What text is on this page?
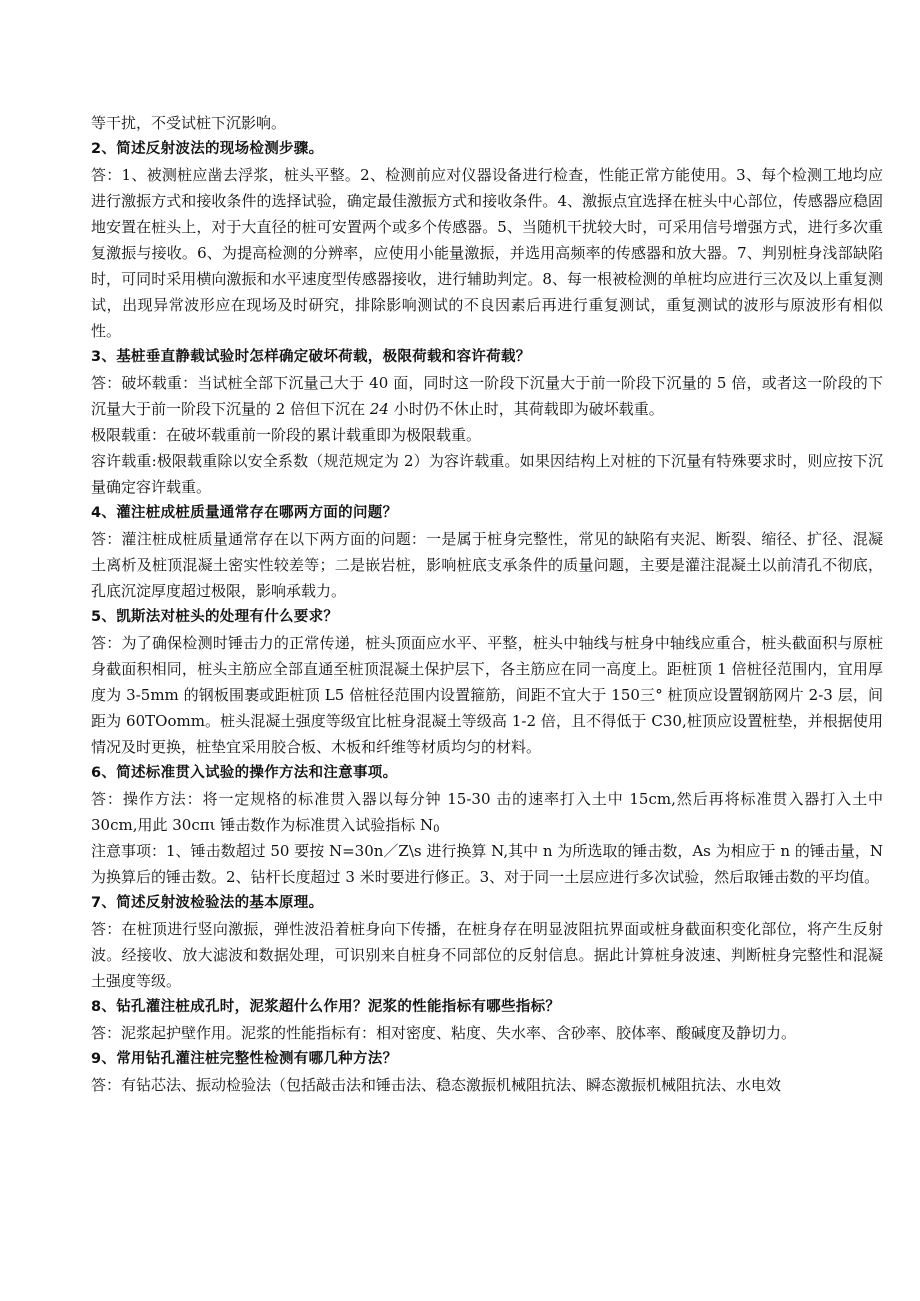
等干扰，不受试桩下沉影响。

2、简述反射波法的现场检测步骤。

答：1、被测桩应凿去浮浆，桩头平整。2、检测前应对仪器设备进行检查，性能正常方能使用。3、每个检测工地均应进行激振方式和接收条件的选择试验，确定最佳激振方式和接收条件。4、激振点宜选择在桩头中心部位，传感器应稳固地安置在桩头上，对于大直径的桩可安置两个或多个传感器。5、当随机干扰较大时，可采用信号增强方式，进行多次重复激振与接收。6、为提高检测的分辨率，应使用小能量激振，并选用高频率的传感器和放大器。7、判别桩身浅部缺陷时，可同时采用横向激振和水平速度型传感器接收，进行辅助判定。8、每一根被检测的单桩均应进行三次及以上重复测试，出现异常波形应在现场及时研究，排除影响测试的不良因素后再进行重复测试，重复测试的波形与原波形有相似性。

3、基桩垂直静载试验时怎样确定破坏荷载，极限荷载和容许荷载？

答：破坏载重：当试桩全部下沉量己大于 40 面，同时这一阶段下沉量大于前一阶段下沉量的 5 倍，或者这一阶段的下沉量大于前一阶段下沉量的 2 倍但下沉在 24 小时仍不休止时，其荷载即为破坏载重。

极限载重：在破坏载重前一阶段的累计载重即为极限载重。

容许载重:极限载重除以安全系数（规范规定为 2）为容许载重。如果因结构上对桩的下沉量有特殊要求时，则应按下沉量确定容许载重。

4、灌注桩成桩质量通常存在哪两方面的问题？

答：灌注桩成桩质量通常存在以下两方面的问题：一是属于桩身完整性，常见的缺陷有夹泥、断裂、缩径、扩径、混凝土离析及桩顶混凝土密实性较差等；二是嵌岩桩，影响桩底支承条件的质量问题，主要是灌注混凝土以前清孔不彻底，孔底沉淀厚度超过极限，影响承载力。

5、凯斯法对桩头的处理有什么要求？

答：为了确保检测时锤击力的正常传递，桩头顶面应水平、平整，桩头中轴线与桩身中轴线应重合，桩头截面积与原桩身截面积相同，桩头主筋应全部直通至桩顶混凝土保护层下，各主筋应在同一高度上。距桩顶 1 倍桩径范围内，宜用厚度为 3-5mm 的钢板围裹或距桩顶 L5 倍桩径范围内设置箍筋，间距不宜大于 150三° 桩顶应设置钢筋网片 2-3 层，间距为 60TOomm。桩头混凝土强度等级宜比桩身混凝土等级高 1-2 倍，且不得低于 C30,桩顶应设置桩垫，并根据使用情况及时更换，桩垫宜采用胶合板、木板和纤维等材质均匀的材料。

6、简述标准贯入试验的操作方法和注意事项。

答：操作方法：将一定规格的标准贯入器以每分钟 15-30 击的速率打入土中 15cm,然后再将标准贯入器打入土中 30cm,用此 30cπι 锤击数作为标准贯入试验指标 $N_0$

注意事项：1、锤击数超过 50 要按 N=30n／Z\s 进行换算 N,其中 n 为所选取的锤击数，As 为相应于 n 的锤击量，N 为换算后的锤击数。2、钻杆长度超过 3 米时要进行修正。3、对于同一土层应进行多次试验，然后取锤击数的平均值。

7、简述反射波检验法的基本原理。

答：在桩顶进行竖向激振，弹性波沿着桩身向下传播，在桩身存在明显波阻抗界面或桩身截面积变化部位，将产生反射波。经接收、放大滤波和数据处理，可识别来自桩身不同部位的反射信息。据此计算桩身波速、判断桩身完整性和混凝土强度等级。

8、钻孔灌注桩成孔时，泥浆超什么作用？泥浆的性能指标有哪些指标？

答：泥浆起护壁作用。泥浆的性能指标有：相对密度、粘度、失水率、含砂率、胶体率、酸碱度及静切力。

9、常用钻孔灌注桩完整性检测有哪几种方法？

答：有钻芯法、振动检验法（包括敲击法和锤击法、稳态激振机械阻抗法、瞬态激振机械阻抗法、水电效
